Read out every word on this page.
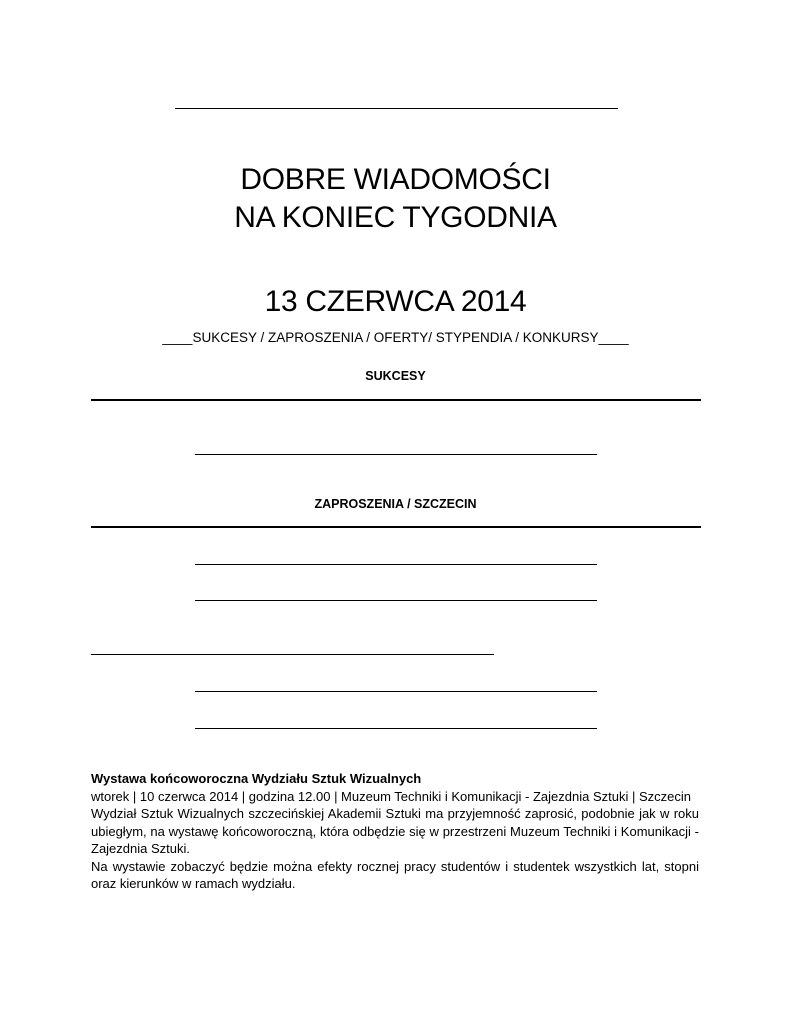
DOBRE WIADOMOŚCI
NA KONIEC TYGODNIA
13 CZERWCA 2014
____SUKCESY / ZAPROSZENIA / OFERTY/ STYPENDIA / KONKURSY____
SUKCESY
ZAPROSZENIA / SZCZECIN

Wystawa końcoworoczna Wydziału Sztuk Wizualnych

wtorek | 10 czerwca 2014 | godzina 12.00 | Muzeum Techniki i Komunikacji - Zajezdnia Sztuki | Szczecin

Wydział Sztuk Wizualnych szczecińskiej Akademii Sztuki ma przyjemność zaprosić, podobnie jak w roku ubiegłym, na wystawę końcoworoczną, która odbędzie się w przestrzeni Muzeum Techniki i Komunikacji - Zajezdnia Sztuki.

Na wystawie zobaczyć będzie można efekty rocznej pracy studentów i studentek wszystkich lat, stopni oraz kierunków w ramach wydziału.
